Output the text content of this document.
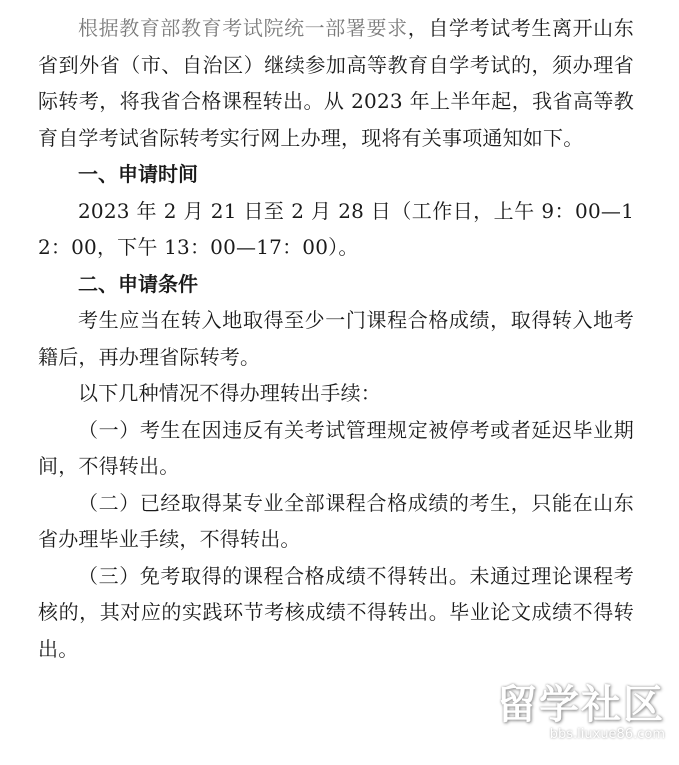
根据教育部教育考试院统一部署要求，自学考试考生离开山东省到外省（市、自治区）继续参加高等教育自学考试的，须办理省际转考，将我省合格课程转出。从 2023 年上半年起，我省高等教育自学考试省际转考实行网上办理，现将有关事项通知如下。

一、申请时间

2023 年 2 月 21 日至 2 月 28 日（工作日，上午 9：00—12：00，下午 13：00—17：00）。

二、申请条件

考生应当在转入地取得至少一门课程合格成绩，取得转入地考籍后，再办理省际转考。

以下几种情况不得办理转出手续：

（一）考生在因违反有关考试管理规定被停考或者延迟毕业期间，不得转出。

（二）已经取得某专业全部课程合格成绩的考生，只能在山东省办理毕业手续，不得转出。

（三）免考取得的课程合格成绩不得转出。未通过理论课程考核的，其对应的实践环节考核成绩不得转出。毕业论文成绩不得转出。

留学社区
bbs.liuxue86.com
